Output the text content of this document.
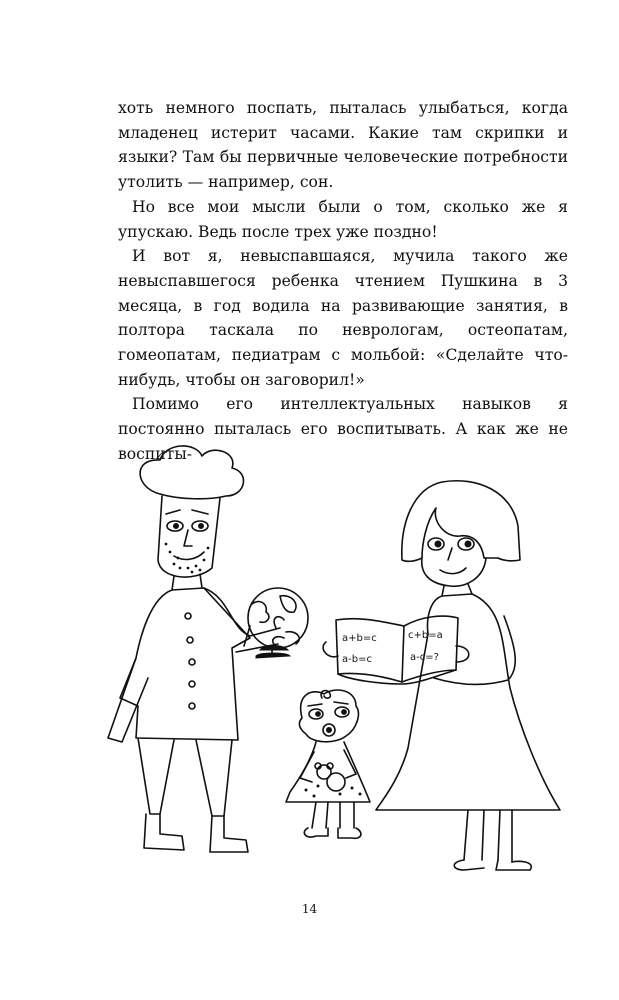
хоть немного поспать, пыталась улыбаться, когда младенец истерит часами. Какие там скрипки и языки? Там бы первичные человеческие потребности утолить — например, сон.

Но все мои мысли были о том, сколько же я упускаю. Ведь после трех уже поздно!

И вот я, невыспавшаяся, мучила такого же невыспавшегося ребенка чтением Пушкина в 3 месяца, в год водила на развивающие занятия, в полтора таскала по неврологам, остеопатам, гомеопатам, педиатрам с мольбой: «Сделайте что-нибудь, чтобы он заговорил!»

Помимо его интеллектуальных навыков я постоянно пыталась его воспитывать. А как же не воспиты-

a+b=c	c+b=a
a-b=c	a-c=?
14
